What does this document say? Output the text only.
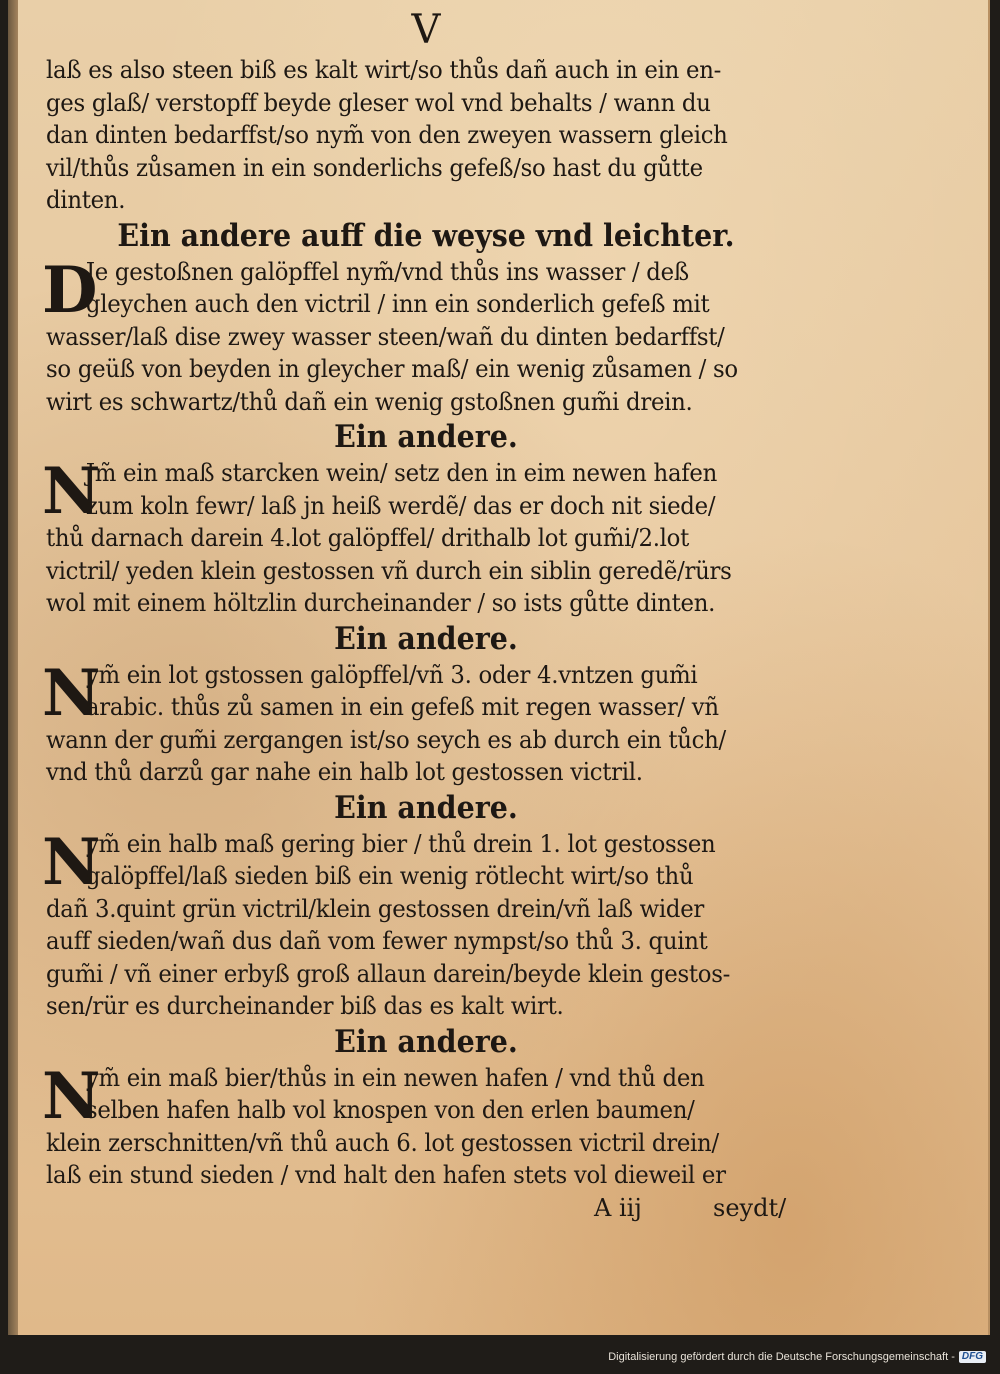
V
laß es also steen biß es kalt wirt/so thůs dañ auch in ein en-
ges glaß/ verstopff beyde gleser wol vnd behalts / wann du
dan dinten bedarffst/so nym̃ von den zweyen wassern gleich
vil/thůs zůsamen in ein sonderlichs gefeß/so hast du gůtte
dinten.
Ein andere auff die weyse vnd leichter.
D
Je gestoßnen galöpffel nym̃/vnd thůs ins wasser / deß
gleychen auch den victril / inn ein sonderlich gefeß mit
wasser/laß dise zwey wasser steen/wañ du dinten bedarffst/
so geüß von beyden in gleycher maß/ ein wenig zůsamen / so
wirt es schwartz/thů dañ ein wenig gstoßnen gum̃i drein.
Ein andere.
N
Jm̃ ein maß starcken wein/ setz den in eim newen hafen
zum koln fewr/ laß jn heiß werdẽ/ das er doch nit siede/
thů darnach darein 4.lot galöpffel/ drithalb lot gum̃i/2.lot
victril/ yeden klein gestossen vñ durch ein siblin geredẽ/rürs
wol mit einem höltzlin durcheinander / so ists gůtte dinten.
Ein andere.
N
ym̃ ein lot gstossen galöpffel/vñ 3. oder 4.vntzen gum̃i
arabic. thůs zů samen in ein gefeß mit regen wasser/ vñ
wann der gum̃i zergangen ist/so seych es ab durch ein tůch/
vnd thů darzů gar nahe ein halb lot gestossen victril.
Ein andere.
N
ym̃ ein halb maß gering bier / thů drein 1. lot gestossen
galöpffel/laß sieden biß ein wenig rötlecht wirt/so thů
dañ 3.quint grün victril/klein gestossen drein/vñ laß wider
auff sieden/wañ dus dañ vom fewer nympst/so thů 3. quint
gum̃i / vñ einer erbyß groß allaun darein/beyde klein gestos-
sen/rür es durcheinander biß das es kalt wirt.
Ein andere.
N
ym̃ ein maß bier/thůs in ein newen hafen / vnd thů den
selben hafen halb vol knospen von den erlen baumen/
klein zerschnitten/vñ thů auch 6. lot gestossen victril drein/
laß ein stund sieden / vnd halt den hafen stets vol dieweil er
A iij	seydt/
Digitalisierung gefördert durch die Deutsche Forschungsgemeinschaft - DFG
